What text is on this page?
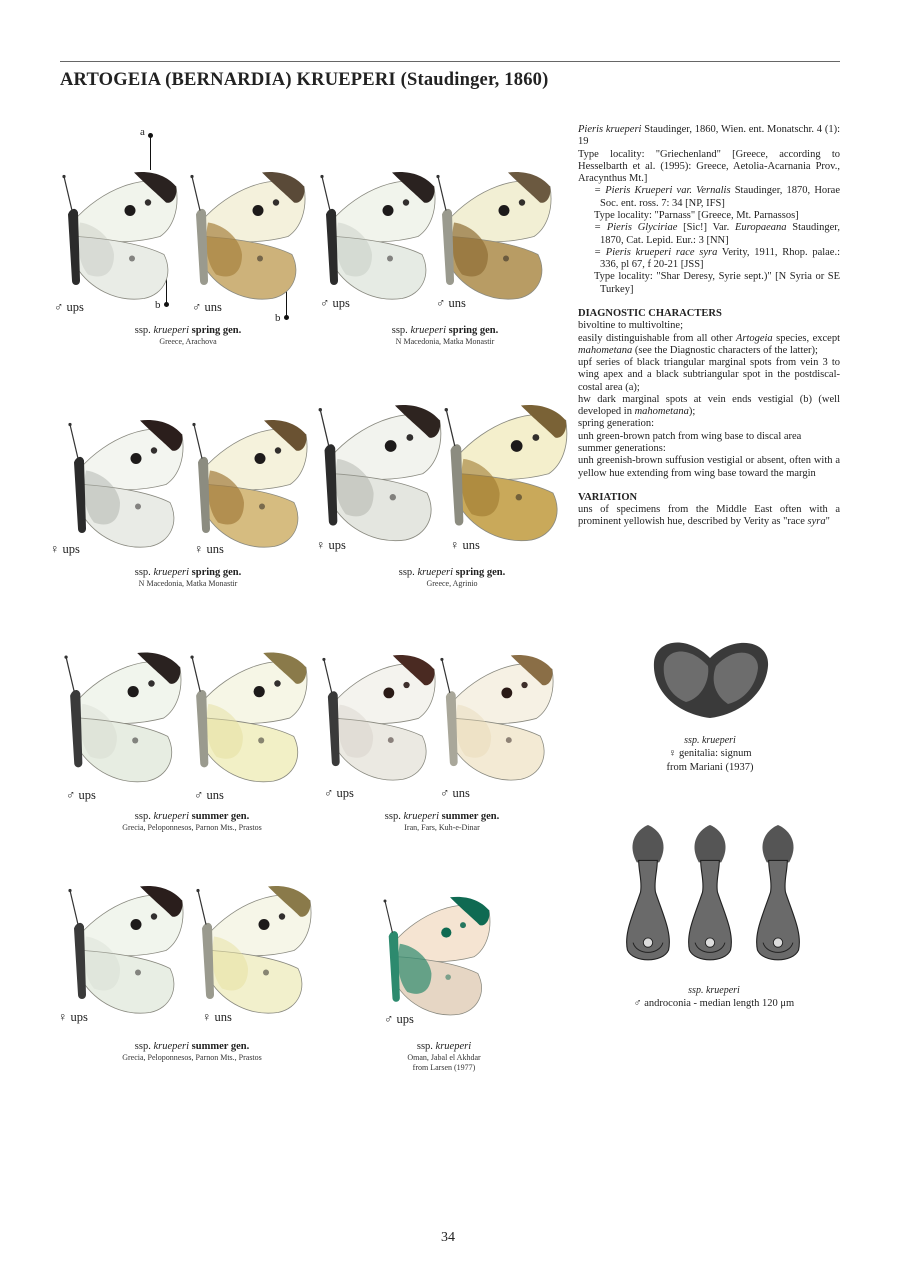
ARTOGEIA (BERNARDIA) KRUEPERI (Staudinger, 1860)
a
b
b
♂ ups	♂ uns
ssp. krueperi spring gen.
Greece, Arachova
♂ ups	♂ uns
ssp. krueperi spring gen.
N Macedonia, Matka Monastir
♀ ups	♀ uns
ssp. krueperi spring gen.
N Macedonia, Matka Monastir
♀ ups	♀ uns
ssp. krueperi spring gen.
Greece, Agrinio
♂ ups	♂ uns
ssp. krueperi summer gen.
Grecia, Peloponnesos, Parnon Mts., Prastos
♂ ups	♂ uns
ssp. krueperi summer gen.
Iran, Fars, Kuh-e-Dinar
♀ ups	♀ uns
ssp. krueperi summer gen.
Grecia, Peloponnesos, Parnon Mts., Prastos
♂ ups
ssp. krueperi
Oman, Jabal el Akhdar
from Larsen (1977)

Pieris krueperi Staudinger, 1860, Wien. ent. Monatschr. 4 (1): 19

Type locality: "Griechenland" [Greece, according to Hesselbarth et al. (1995): Greece, Aetolia-Acarnania Prov., Aracynthus Mt.]

= Pieris Krueperi var. Vernalis Staudinger, 1870, Horae Soc. ent. ross. 7: 34 [NP, IFS]

Type locality: "Parnass" [Greece, Mt. Parnassos]

= Pieris Glyciriae [Sic!] Var. Europaeana Staudinger, 1870, Cat. Lepid. Eur.: 3 [NN]

= Pieris krueperi race syra Verity, 1911, Rhop. palae.: 336, pl 67, f 20-21 [JSS]

Type locality: "Shar Deresy, Syrie sept.)" [N Syria or SE Turkey]

DIAGNOSTIC CHARACTERS

bivoltine to multivoltine;

easily distinguishable from all other Artogeia species, except mahometana (see the Diagnostic characters of the latter);

upf series of black triangular marginal spots from vein 3 to wing apex and a black subtriangular spot in the postdiscal-costal area (a);

hw dark marginal spots at vein ends vestigial (b) (well developed in mahometana);

spring generation:

unh green-brown patch from wing base to discal area

summer generations:

unh greenish-brown suffusion vestigial or absent, often with a yellow hue extending from wing base toward the margin

VARIATION

uns of specimens from the Middle East often with a prominent yellowish hue, described by Verity as "race syra"

ssp. krueperi
♀ genitalia: signum
from Mariani (1937)
ssp. krueperi
♂ androconia - median length 120 μm
34
